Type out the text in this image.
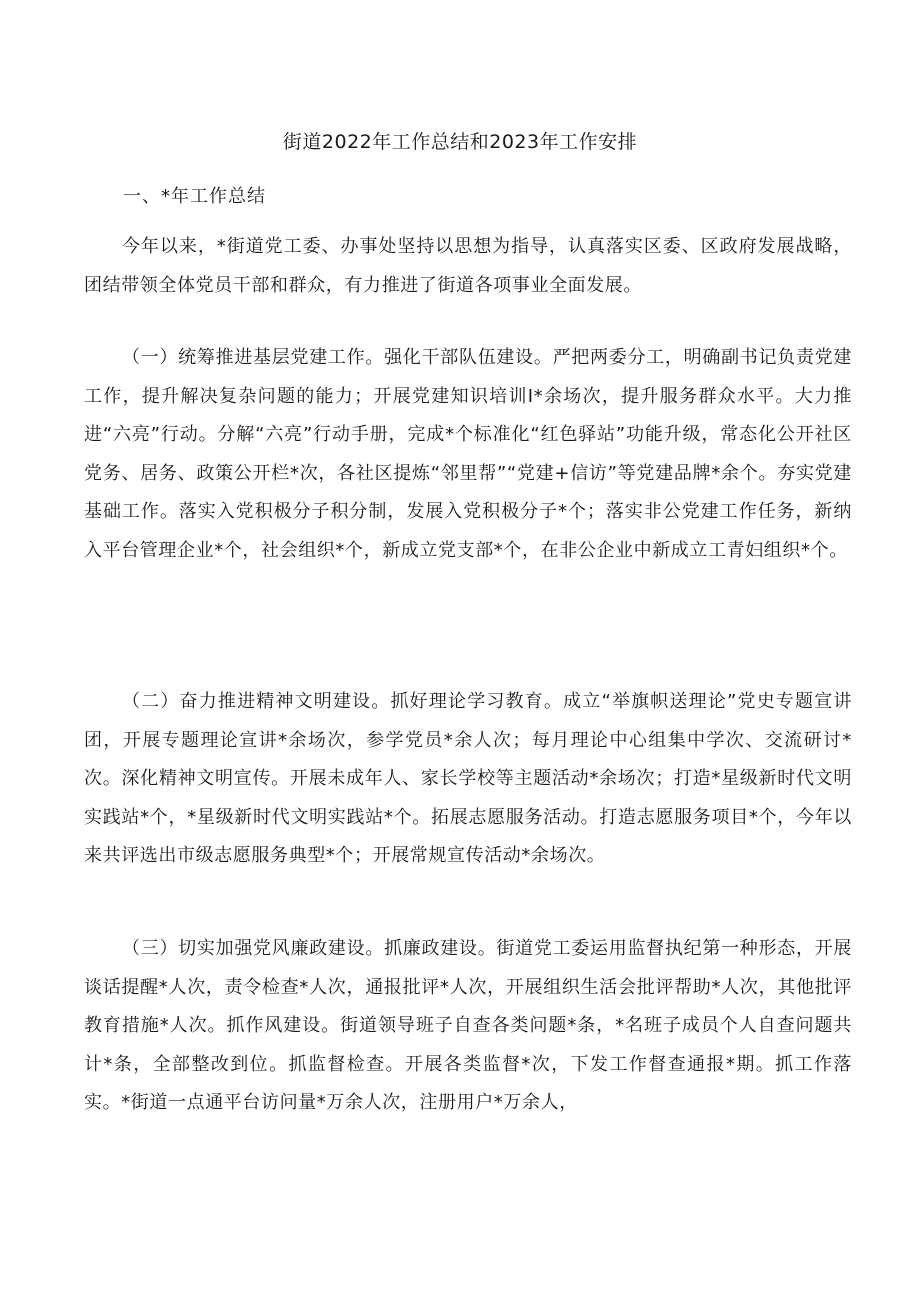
街道2022年工作总结和2023年工作安排
一、*年工作总结

今年以来，*街道党工委、办事处坚持以思想为指导，认真落实区委、区政府发展战略，团结带领全体党员干部和群众，有力推进了街道各项事业全面发展。

（一）统筹推进基层党建工作。强化干部队伍建设。严把两委分工，明确副书记负责党建工作，提升解决复杂问题的能力；开展党建知识培训I*余场次，提升服务群众水平。大力推进“六亮”行动。分解“六亮”行动手册，完成*个标准化“红色驿站”功能升级，常态化公开社区党务、居务、政策公开栏*次，各社区提炼“邻里帮”“党建+信访”等党建品牌*余个。夯实党建基础工作。落实入党积极分子积分制，发展入党积极分子*个；落实非公党建工作任务，新纳入平台管理企业*个，社会组织*个，新成立党支部*个，在非公企业中新成立工青妇组织*个。

（二）奋力推进精神文明建设。抓好理论学习教育。成立“举旗帜送理论”党史专题宣讲团，开展专题理论宣讲*余场次，参学党员*余人次；每月理论中心组集中学次、交流研讨*次。深化精神文明宣传。开展未成年人、家长学校等主题活动*余场次；打造*星级新时代文明实践站*个，*星级新时代文明实践站*个。拓展志愿服务活动。打造志愿服务项目*个，今年以来共评选出市级志愿服务典型*个；开展常规宣传活动*余场次。

（三）切实加强党风廉政建设。抓廉政建设。街道党工委运用监督执纪第一种形态，开展谈话提醒*人次，责令检查*人次，通报批评*人次，开展组织生活会批评帮助*人次，其他批评教育措施*人次。抓作风建设。街道领导班子自查各类问题*条，*名班子成员个人自查问题共计*条，全部整改到位。抓监督检查。开展各类监督*次，下发工作督查通报*期。抓工作落实。*街道一点通平台访问量*万余人次，注册用户*万余人，
